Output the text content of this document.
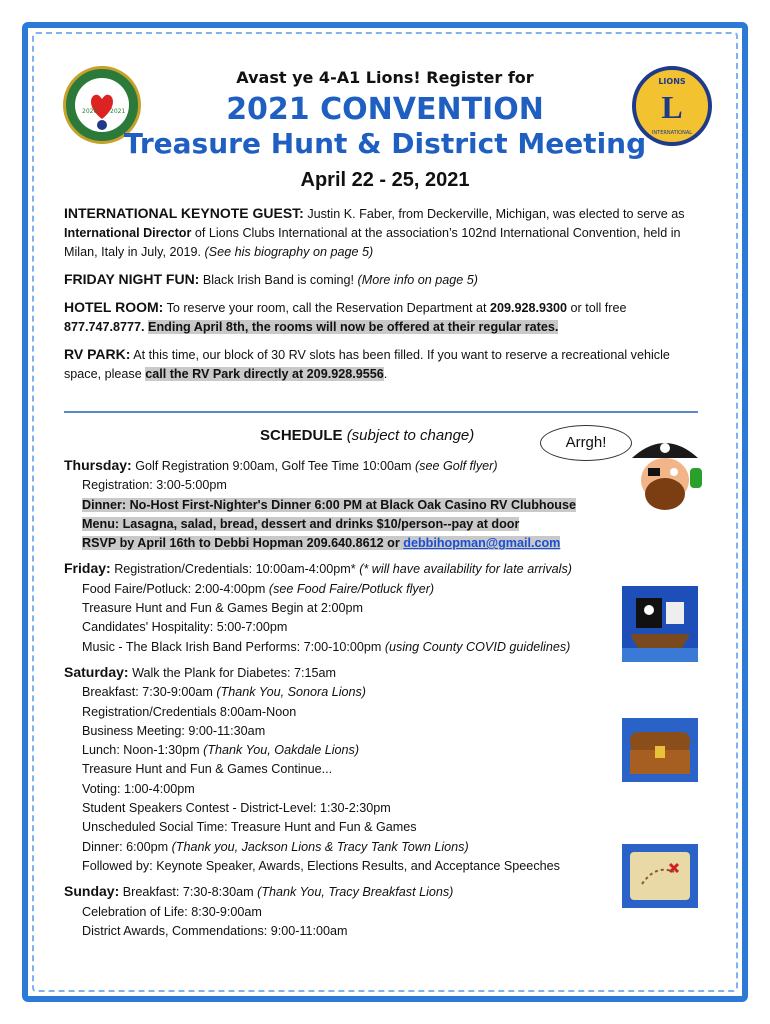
2020 2021	L
LIONS
INTERNATIONAL
Avast ye 4-A1 Lions! Register for
2021 CONVENTION
Treasure Hunt & District Meeting
April 22 - 25, 2021

INTERNATIONAL KEYNOTE GUEST: Justin K. Faber, from Deckerville, Michigan, was elected to serve as International Director of Lions Clubs International at the association’s 102nd International Convention, held in Milan, Italy in July, 2019. (See his biography on page 5)

FRIDAY NIGHT FUN: Black Irish Band is coming! (More info on page 5)

HOTEL ROOM: To reserve your room, call the Reservation Department at 209.928.9300 or toll free 877.747.8777. Ending April 8th, the rooms will now be offered at their regular rates.

RV PARK: At this time, our block of 30 RV slots has been filled. If you want to reserve a recreational vehicle space, please call the RV Park directly at 209.928.9556.

SCHEDULE (subject to change)	Arrgh!
Thursday: Golf Registration 9:00am, Golf Tee Time 10:00am (see Golf flyer)
Registration: 3:00-5:00pm
Dinner: No-Host First-Nighter's Dinner 6:00 PM at Black Oak Casino RV Clubhouse
Menu: Lasagna, salad, bread, dessert and drinks $10/person--pay at door
RSVP by April 16th to Debbi Hopman 209.640.8612 or debbihopman@gmail.com
Friday: Registration/Credentials: 10:00am-4:00pm* (* will have availability for late arrivals)
Food Faire/Potluck: 2:00-4:00pm (see Food Faire/Potluck flyer)
Treasure Hunt and Fun & Games Begin at 2:00pm
Candidates' Hospitality: 5:00-7:00pm
Music - The Black Irish Band Performs: 7:00-10:00pm (using County COVID guidelines)
Saturday: Walk the Plank for Diabetes: 7:15am
Breakfast: 7:30-9:00am (Thank You, Sonora Lions)
Registration/Credentials 8:00am-Noon
Business Meeting: 9:00-11:30am
Lunch: Noon-1:30pm (Thank You, Oakdale Lions)
Treasure Hunt and Fun & Games Continue...
Voting: 1:00-4:00pm
Student Speakers Contest - District-Level: 1:30-2:30pm
Unscheduled Social Time: Treasure Hunt and Fun & Games
Dinner: 6:00pm (Thank you, Jackson Lions & Tracy Tank Town Lions)
Followed by: Keynote Speaker, Awards, Elections Results, and Acceptance Speeches
Sunday: Breakfast: 7:30-8:30am (Thank You, Tracy Breakfast Lions)
Celebration of Life: 8:30-9:00am
District Awards, Commendations: 9:00-11:00am
